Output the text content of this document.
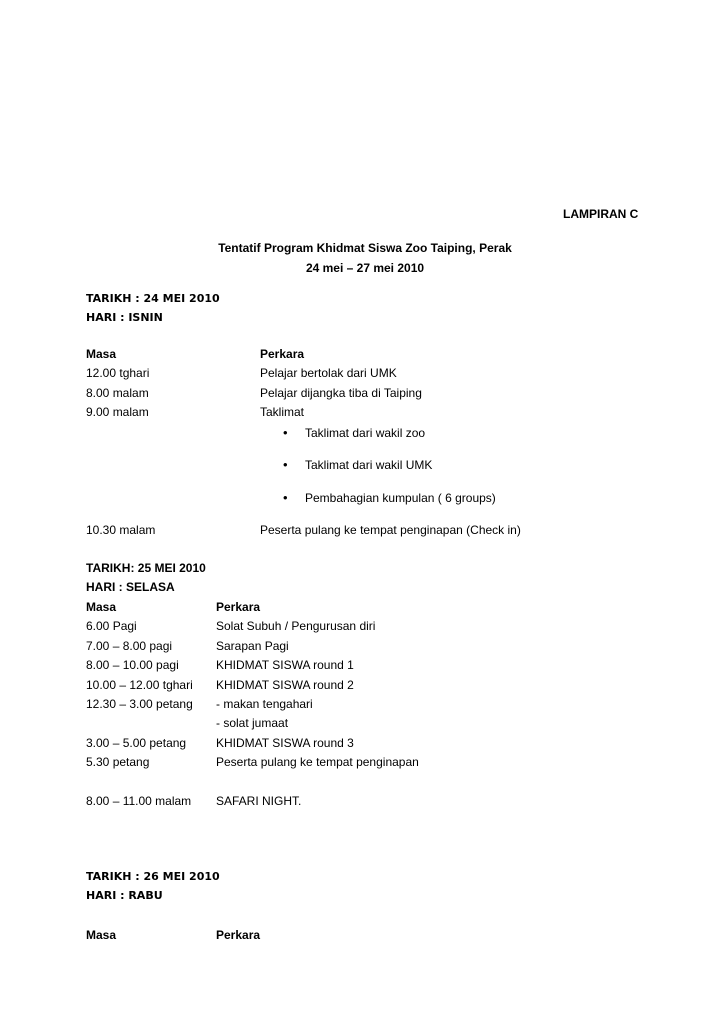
LAMPIRAN C
Tentatif Program Khidmat Siswa Zoo Taiping, Perak
24 mei – 27 mei 2010
TARIKH : 24 MEI 2010
HARI : ISNIN
Masa	Perkara
12.00 tghari	Pelajar bertolak dari UMK
8.00 malam	Pelajar dijangka tiba di Taiping
9.00 malam	Taklimat
• Taklimat dari wakil zoo
• Taklimat dari wakil UMK
• Pembahagian kumpulan ( 6 groups)
10.30 malam	Peserta pulang ke tempat penginapan (Check in)
TARIKH: 25 MEI 2010
HARI : SELASA
Masa	Perkara
6.00 Pagi	Solat Subuh / Pengurusan diri
7.00 – 8.00 pagi	Sarapan Pagi
8.00 – 10.00 pagi	KHIDMAT SISWA round 1
10.00 – 12.00 tghari KHIDMAT SISWA round 2
12.30 – 3.00 petang - makan tengahari
- solat jumaat
3.00 – 5.00 petang KHIDMAT SISWA round 3
5.30 petang	Peserta pulang ke tempat penginapan
8.00 – 11.00 malam SAFARI NIGHT.
TARIKH : 26 MEI 2010
HARI : RABU
Masa	Perkara
